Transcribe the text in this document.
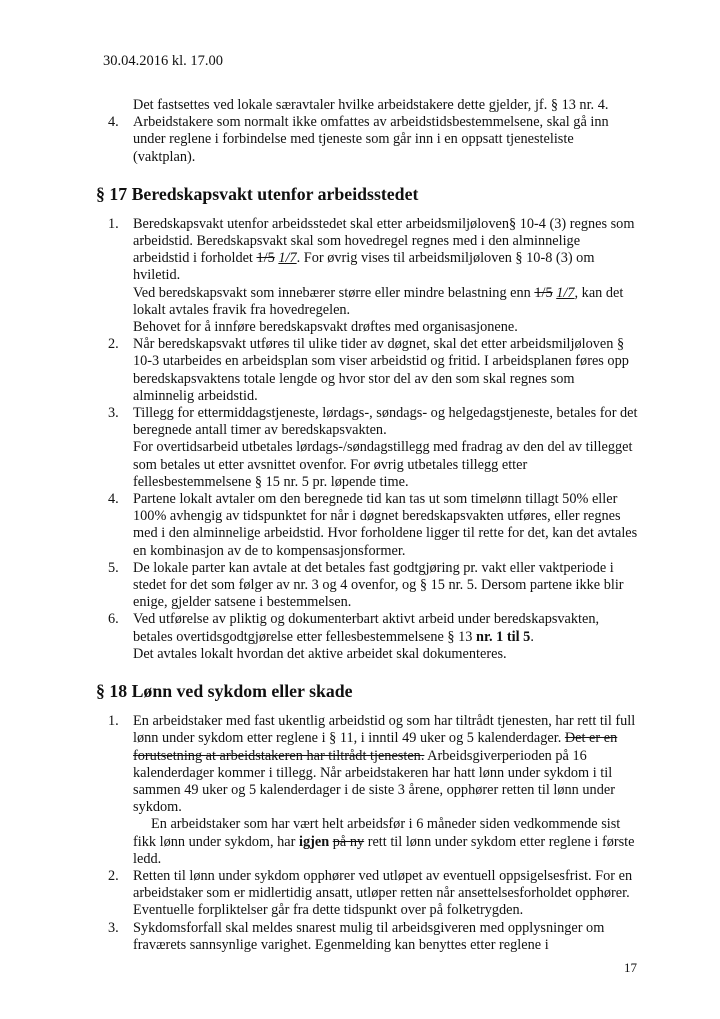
30.04.2016 kl. 17.00

Det fastsettes ved lokale særavtaler hvilke arbeidstakere dette gjelder, jf. § 13 nr. 4.

4. Arbeidstakere som normalt ikke omfattes av arbeidstidsbestemmelsene, skal gå inn under reglene i forbindelse med tjeneste som går inn i en oppsatt tjenesteliste (vaktplan).

§ 17 Beredskapsvakt utenfor arbeidsstedet
1. Beredskapsvakt utenfor arbeidsstedet skal etter arbeidsmiljøloven§ 10-4 (3) regnes som arbeidstid. Beredskapsvakt skal som hovedregel regnes med i den alminnelige arbeidstid i forholdet 1/5 1/7. For øvrig vises til arbeidsmiljøloven § 10-8 (3) om hviletid.

Ved beredskapsvakt som innebærer større eller mindre belastning enn 1/5 1/7, kan det lokalt avtales fravik fra hovedregelen.

Behovet for å innføre beredskapsvakt drøftes med organisasjonene.

2. Når beredskapsvakt utføres til ulike tider av døgnet, skal det etter arbeidsmiljøloven § 10-3 utarbeides en arbeidsplan som viser arbeidstid og fritid. I arbeidsplanen føres opp beredskapsvaktens totale lengde og hvor stor del av den som skal regnes som alminnelig arbeidstid.

3. Tillegg for ettermiddagstjeneste, lørdags-, søndags- og helgedagstjeneste, betales for det beregnede antall timer av beredskapsvakten.

For overtidsarbeid utbetales lørdags-/søndagstillegg med fradrag av den del av tillegget som betales ut etter avsnittet ovenfor. For øvrig utbetales tillegg etter fellesbestemmelsene § 15 nr. 5 pr. løpende time.

4. Partene lokalt avtaler om den beregnede tid kan tas ut som timelønn tillagt 50% eller 100% avhengig av tidspunktet for når i døgnet beredskapsvakten utføres, eller regnes med i den alminnelige arbeidstid. Hvor forholdene ligger til rette for det, kan det avtales en kombinasjon av de to kompensasjonsformer.

5. De lokale parter kan avtale at det betales fast godtgjøring pr. vakt eller vaktperiode i stedet for det som følger av nr. 3 og 4 ovenfor, og § 15 nr. 5. Dersom partene ikke blir enige, gjelder satsene i bestemmelsen.

6. Ved utførelse av pliktig og dokumenterbart aktivt arbeid under beredskapsvakten, betales overtidsgodtgjørelse etter fellesbestemmelsene § 13 nr. 1 til 5.

Det avtales lokalt hvordan det aktive arbeidet skal dokumenteres.

§ 18 Lønn ved sykdom eller skade
1. En arbeidstaker med fast ukentlig arbeidstid og som har tiltrådt tjenesten, har rett til full lønn under sykdom etter reglene i § 11, i inntil 49 uker og 5 kalenderdager. Det er en forutsetning at arbeidstakeren har tiltrådt tjenesten. Arbeidsgiverperioden på 16 kalenderdager kommer i tillegg. Når arbeidstakeren har hatt lønn under sykdom i til sammen 49 uker og 5 kalenderdager i de siste 3 årene, opphører retten til lønn under sykdom.

En arbeidstaker som har vært helt arbeidsfør i 6 måneder siden vedkommende sist fikk lønn under sykdom, har igjen på ny rett til lønn under sykdom etter reglene i første ledd.

2. Retten til lønn under sykdom opphører ved utløpet av eventuell oppsigelsesfrist. For en arbeidstaker som er midlertidig ansatt, utløper retten når ansettelsesforholdet opphører. Eventuelle forpliktelser går fra dette tidspunkt over på folketrygden.

3. Sykdomsforfall skal meldes snarest mulig til arbeidsgiveren med opplysninger om fraværets sannsynlige varighet. Egenmelding kan benyttes etter reglene i

17
